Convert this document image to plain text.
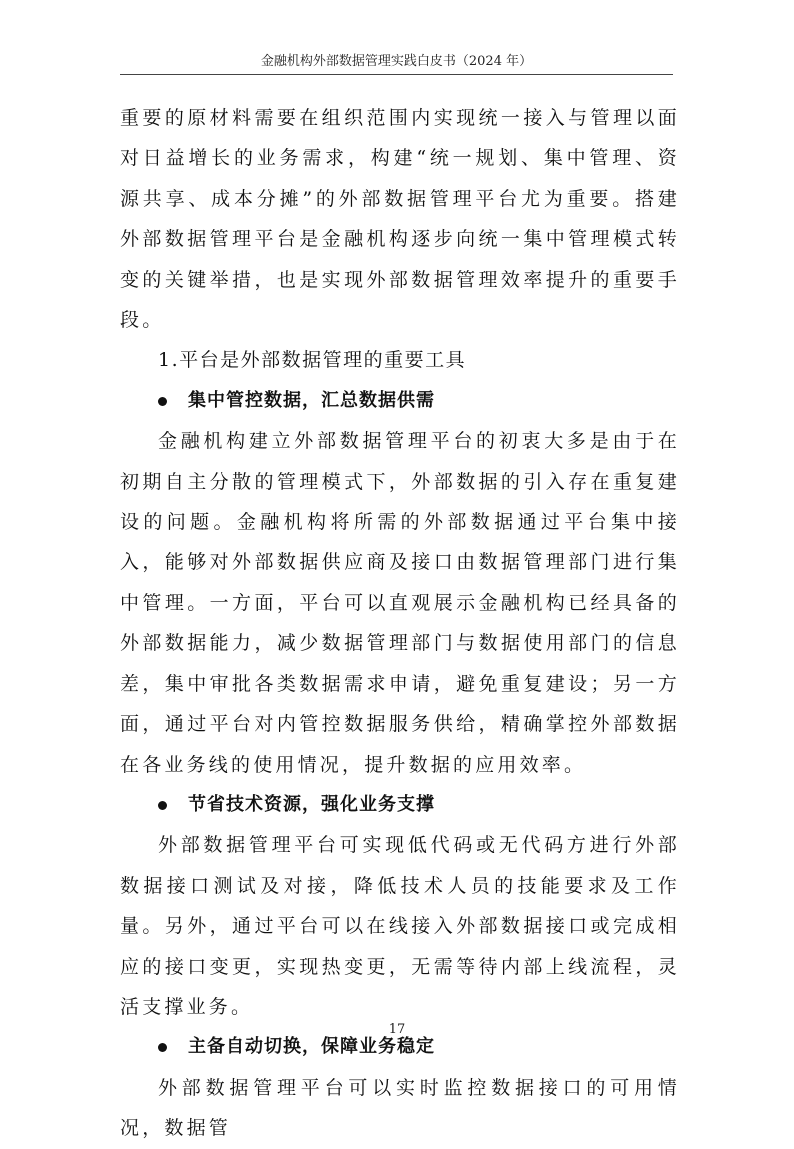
金融机构外部数据管理实践白皮书（2024 年）

重要的原材料需要在组织范围内实现统一接入与管理以面对日益增长的业务需求，构建“统一规划、集中管理、资源共享、成本分摊”的外部数据管理平台尤为重要。搭建外部数据管理平台是金融机构逐步向统一集中管理模式转变的关键举措，也是实现外部数据管理效率提升的重要手段。

1.平台是外部数据管理的重要工具

集中管控数据，汇总数据供需

金融机构建立外部数据管理平台的初衷大多是由于在初期自主分散的管理模式下，外部数据的引入存在重复建设的问题。金融机构将所需的外部数据通过平台集中接入，能够对外部数据供应商及接口由数据管理部门进行集中管理。一方面，平台可以直观展示金融机构已经具备的外部数据能力，减少数据管理部门与数据使用部门的信息差，集中审批各类数据需求申请，避免重复建设；另一方面，通过平台对内管控数据服务供给，精确掌控外部数据在各业务线的使用情况，提升数据的应用效率。

节省技术资源，强化业务支撑

外部数据管理平台可实现低代码或无代码方进行外部数据接口测试及对接，降低技术人员的技能要求及工作量。另外，通过平台可以在线接入外部数据接口或完成相应的接口变更，实现热变更，无需等待内部上线流程，灵活支撑业务。

主备自动切换，保障业务稳定

外部数据管理平台可以实时监控数据接口的可用情况，数据管

17
